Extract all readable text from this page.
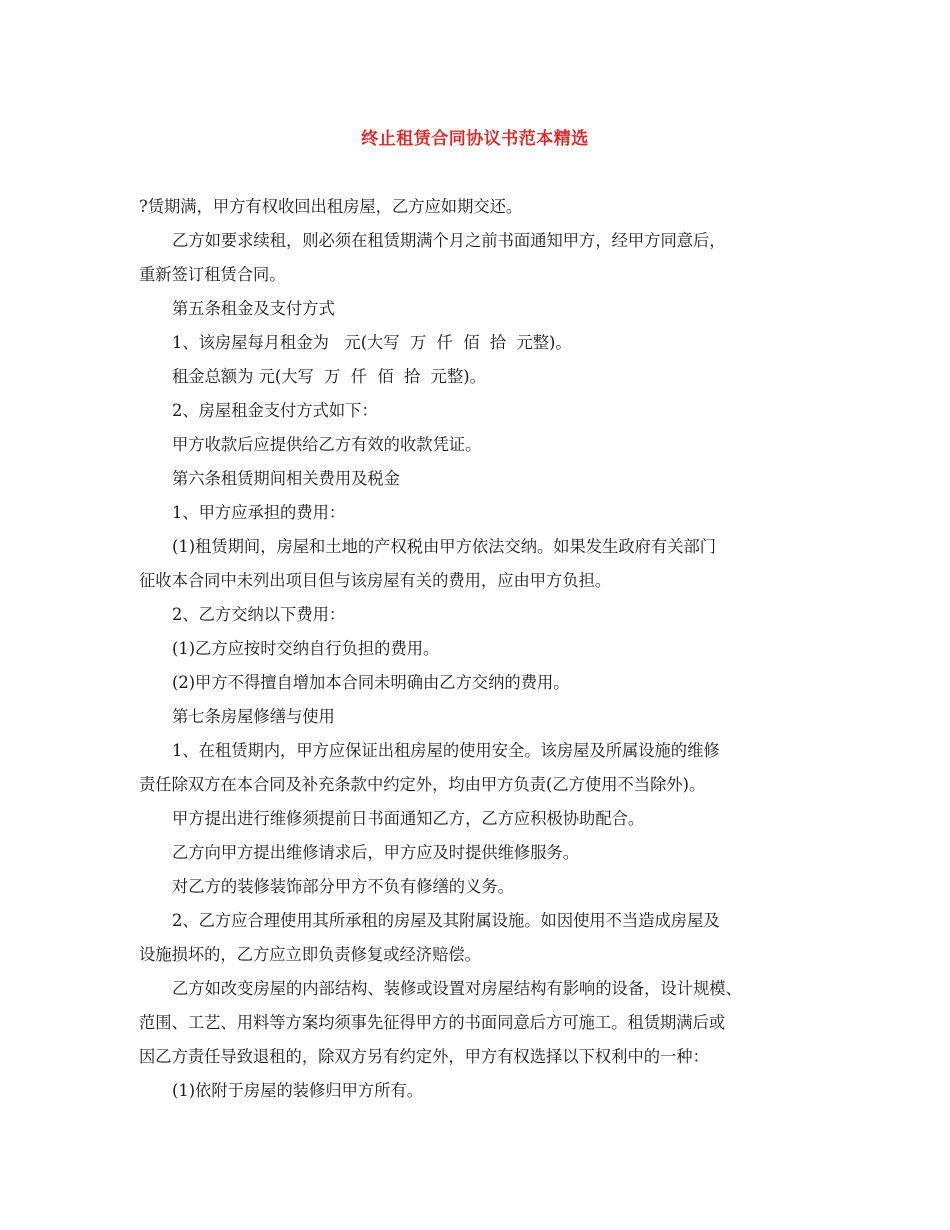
终止租赁合同协议书范本精选
?赁期满，甲方有权收回出租房屋，乙方应如期交还。
乙方如要求续租，则必须在租赁期满个月之前书面通知甲方，经甲方同意后，
重新签订租赁合同。
第五条租金及支付方式
1、该房屋每月租金为   元(大写  万  仟  佰  拾  元整)。
租金总额为 元(大写  万  仟  佰  拾  元整)。
2、房屋租金支付方式如下：
甲方收款后应提供给乙方有效的收款凭证。
第六条租赁期间相关费用及税金
1、甲方应承担的费用：
(1)租赁期间，房屋和土地的产权税由甲方依法交纳。如果发生政府有关部门
征收本合同中未列出项目但与该房屋有关的费用，应由甲方负担。
2、乙方交纳以下费用：
(1)乙方应按时交纳自行负担的费用。
(2)甲方不得擅自增加本合同未明确由乙方交纳的费用。
第七条房屋修缮与使用
1、在租赁期内，甲方应保证出租房屋的使用安全。该房屋及所属设施的维修
责任除双方在本合同及补充条款中约定外，均由甲方负责(乙方使用不当除外)。
甲方提出进行维修须提前日书面通知乙方，乙方应积极协助配合。
乙方向甲方提出维修请求后，甲方应及时提供维修服务。
对乙方的装修装饰部分甲方不负有修缮的义务。
2、乙方应合理使用其所承租的房屋及其附属设施。如因使用不当造成房屋及
设施损坏的，乙方应立即负责修复或经济赔偿。
乙方如改变房屋的内部结构、装修或设置对房屋结构有影响的设备，设计规模、
范围、工艺、用料等方案均须事先征得甲方的书面同意后方可施工。租赁期满后或
因乙方责任导致退租的，除双方另有约定外，甲方有权选择以下权利中的一种：
(1)依附于房屋的装修归甲方所有。
